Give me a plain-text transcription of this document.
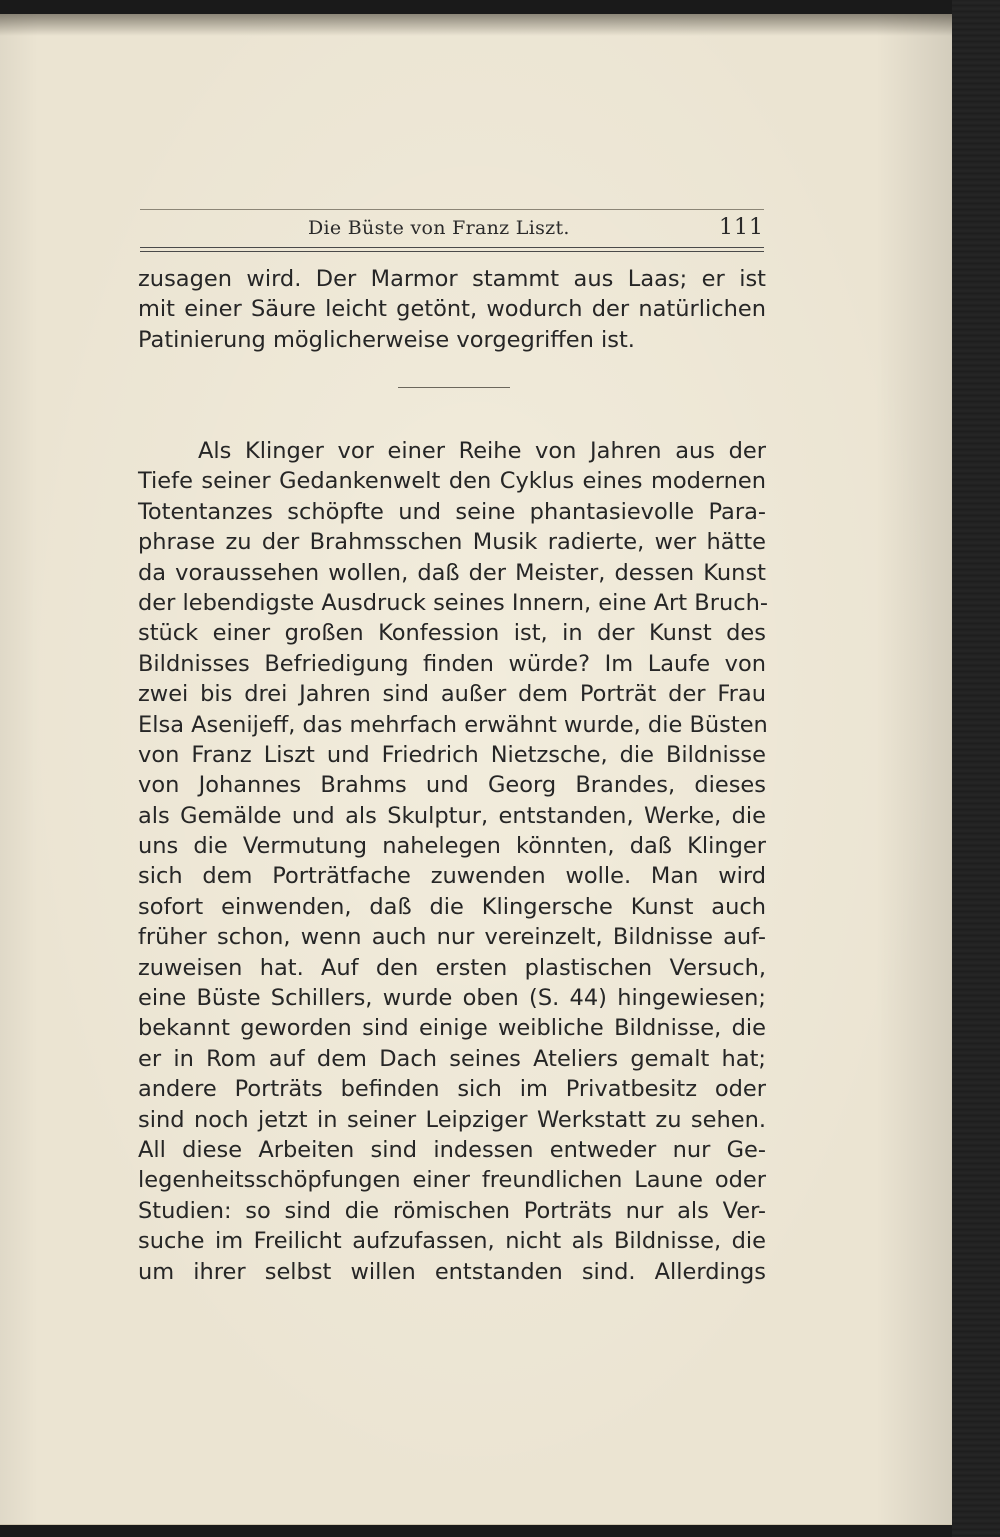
Die Büste von Franz Liszt.	111
zusagen wird. Der Marmor stammt aus Laas; er ist
mit einer Säure leicht getönt, wodurch der natürlichen
Patinierung möglicherweise vorgegriffen ist.
Als Klinger vor einer Reihe von Jahren aus der
Tiefe seiner Gedankenwelt den Cyklus eines modernen
Totentanzes schöpfte und seine phantasievolle Para-
phrase zu der Brahmsschen Musik radierte, wer hätte
da voraussehen wollen, daß der Meister, dessen Kunst
der lebendigste Ausdruck seines Innern, eine Art Bruch-
stück einer großen Konfession ist, in der Kunst des
Bildnisses Befriedigung finden würde? Im Laufe von
zwei bis drei Jahren sind außer dem Porträt der Frau
Elsa Asenijeff, das mehrfach erwähnt wurde, die Büsten
von Franz Liszt und Friedrich Nietzsche, die Bildnisse
von Johannes Brahms und Georg Brandes, dieses
als Gemälde und als Skulptur, entstanden, Werke, die
uns die Vermutung nahelegen könnten, daß Klinger
sich dem Porträtfache zuwenden wolle. Man wird
sofort einwenden, daß die Klingersche Kunst auch
früher schon, wenn auch nur vereinzelt, Bildnisse auf-
zuweisen hat. Auf den ersten plastischen Versuch,
eine Büste Schillers, wurde oben (S. 44) hingewiesen;
bekannt geworden sind einige weibliche Bildnisse, die
er in Rom auf dem Dach seines Ateliers gemalt hat;
andere Porträts befinden sich im Privatbesitz oder
sind noch jetzt in seiner Leipziger Werkstatt zu sehen.
All diese Arbeiten sind indessen entweder nur Ge-
legenheitsschöpfungen einer freundlichen Laune oder
Studien: so sind die römischen Porträts nur als Ver-
suche im Freilicht aufzufassen, nicht als Bildnisse, die
um ihrer selbst willen entstanden sind. Allerdings
